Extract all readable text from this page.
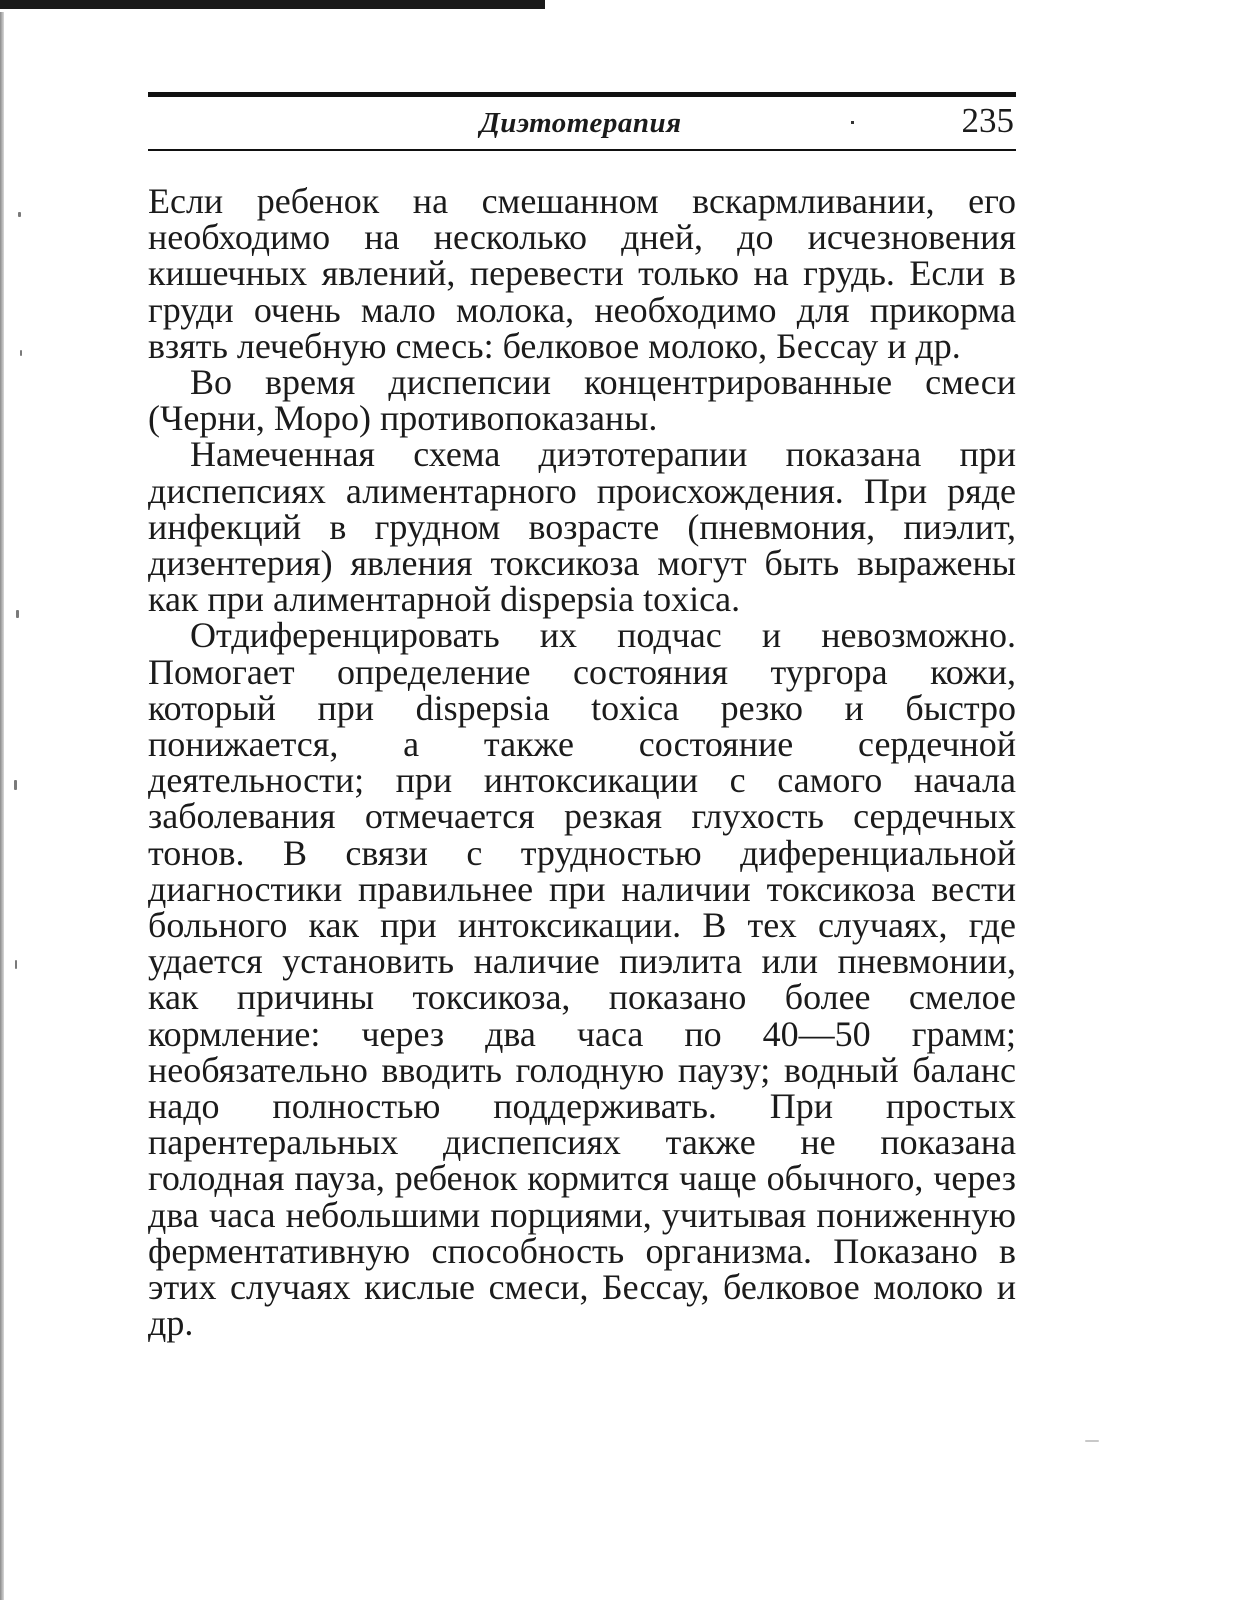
Диэтотерапия	235

Если ребенок на смешанном вскармливании, его необходимо на несколько дней, до исчезновения кишечных явлений, перевести только на грудь. Если в груди очень мало молока, необходимо для прикорма взять лечебную смесь: белковое молоко, Бессау и др.

Во время диспепсии концентрированные смеси (Черни, Моро) противопоказаны.

Намеченная схема диэтотерапии показана при диспепсиях алиментарного происхождения. При ряде инфекций в грудном возрасте (пневмония, пиэлит, дизентерия) явления токсикоза могут быть выражены как при алиментарной dispepsia toxica.

Отдиференцировать их подчас и невозможно. Помогает определение состояния тургора кожи, который при dispepsia toxica резко и быстро понижается, а также состояние сердечной деятельности; при интоксикации с самого начала заболевания отмечается резкая глухость сердечных тонов. В связи с трудностью диференциальной диагностики правильнее при наличии токсикоза вести больного как при интоксикации. В тех случаях, где удается установить наличие пиэлита или пневмонии, как причины токсикоза, показано более смелое кормление: через два часа по 40—50 грамм; необязательно вводить голодную паузу; водный баланс надо полностью поддерживать. При простых парентеральных диспепсиях также не показана голодная пауза, ребенок кормится чаще обычного, через два часа небольшими порциями, учитывая пониженную ферментативную способность организма. Показано в этих случаях кислые смеси, Бессау, белковое молоко и др.
